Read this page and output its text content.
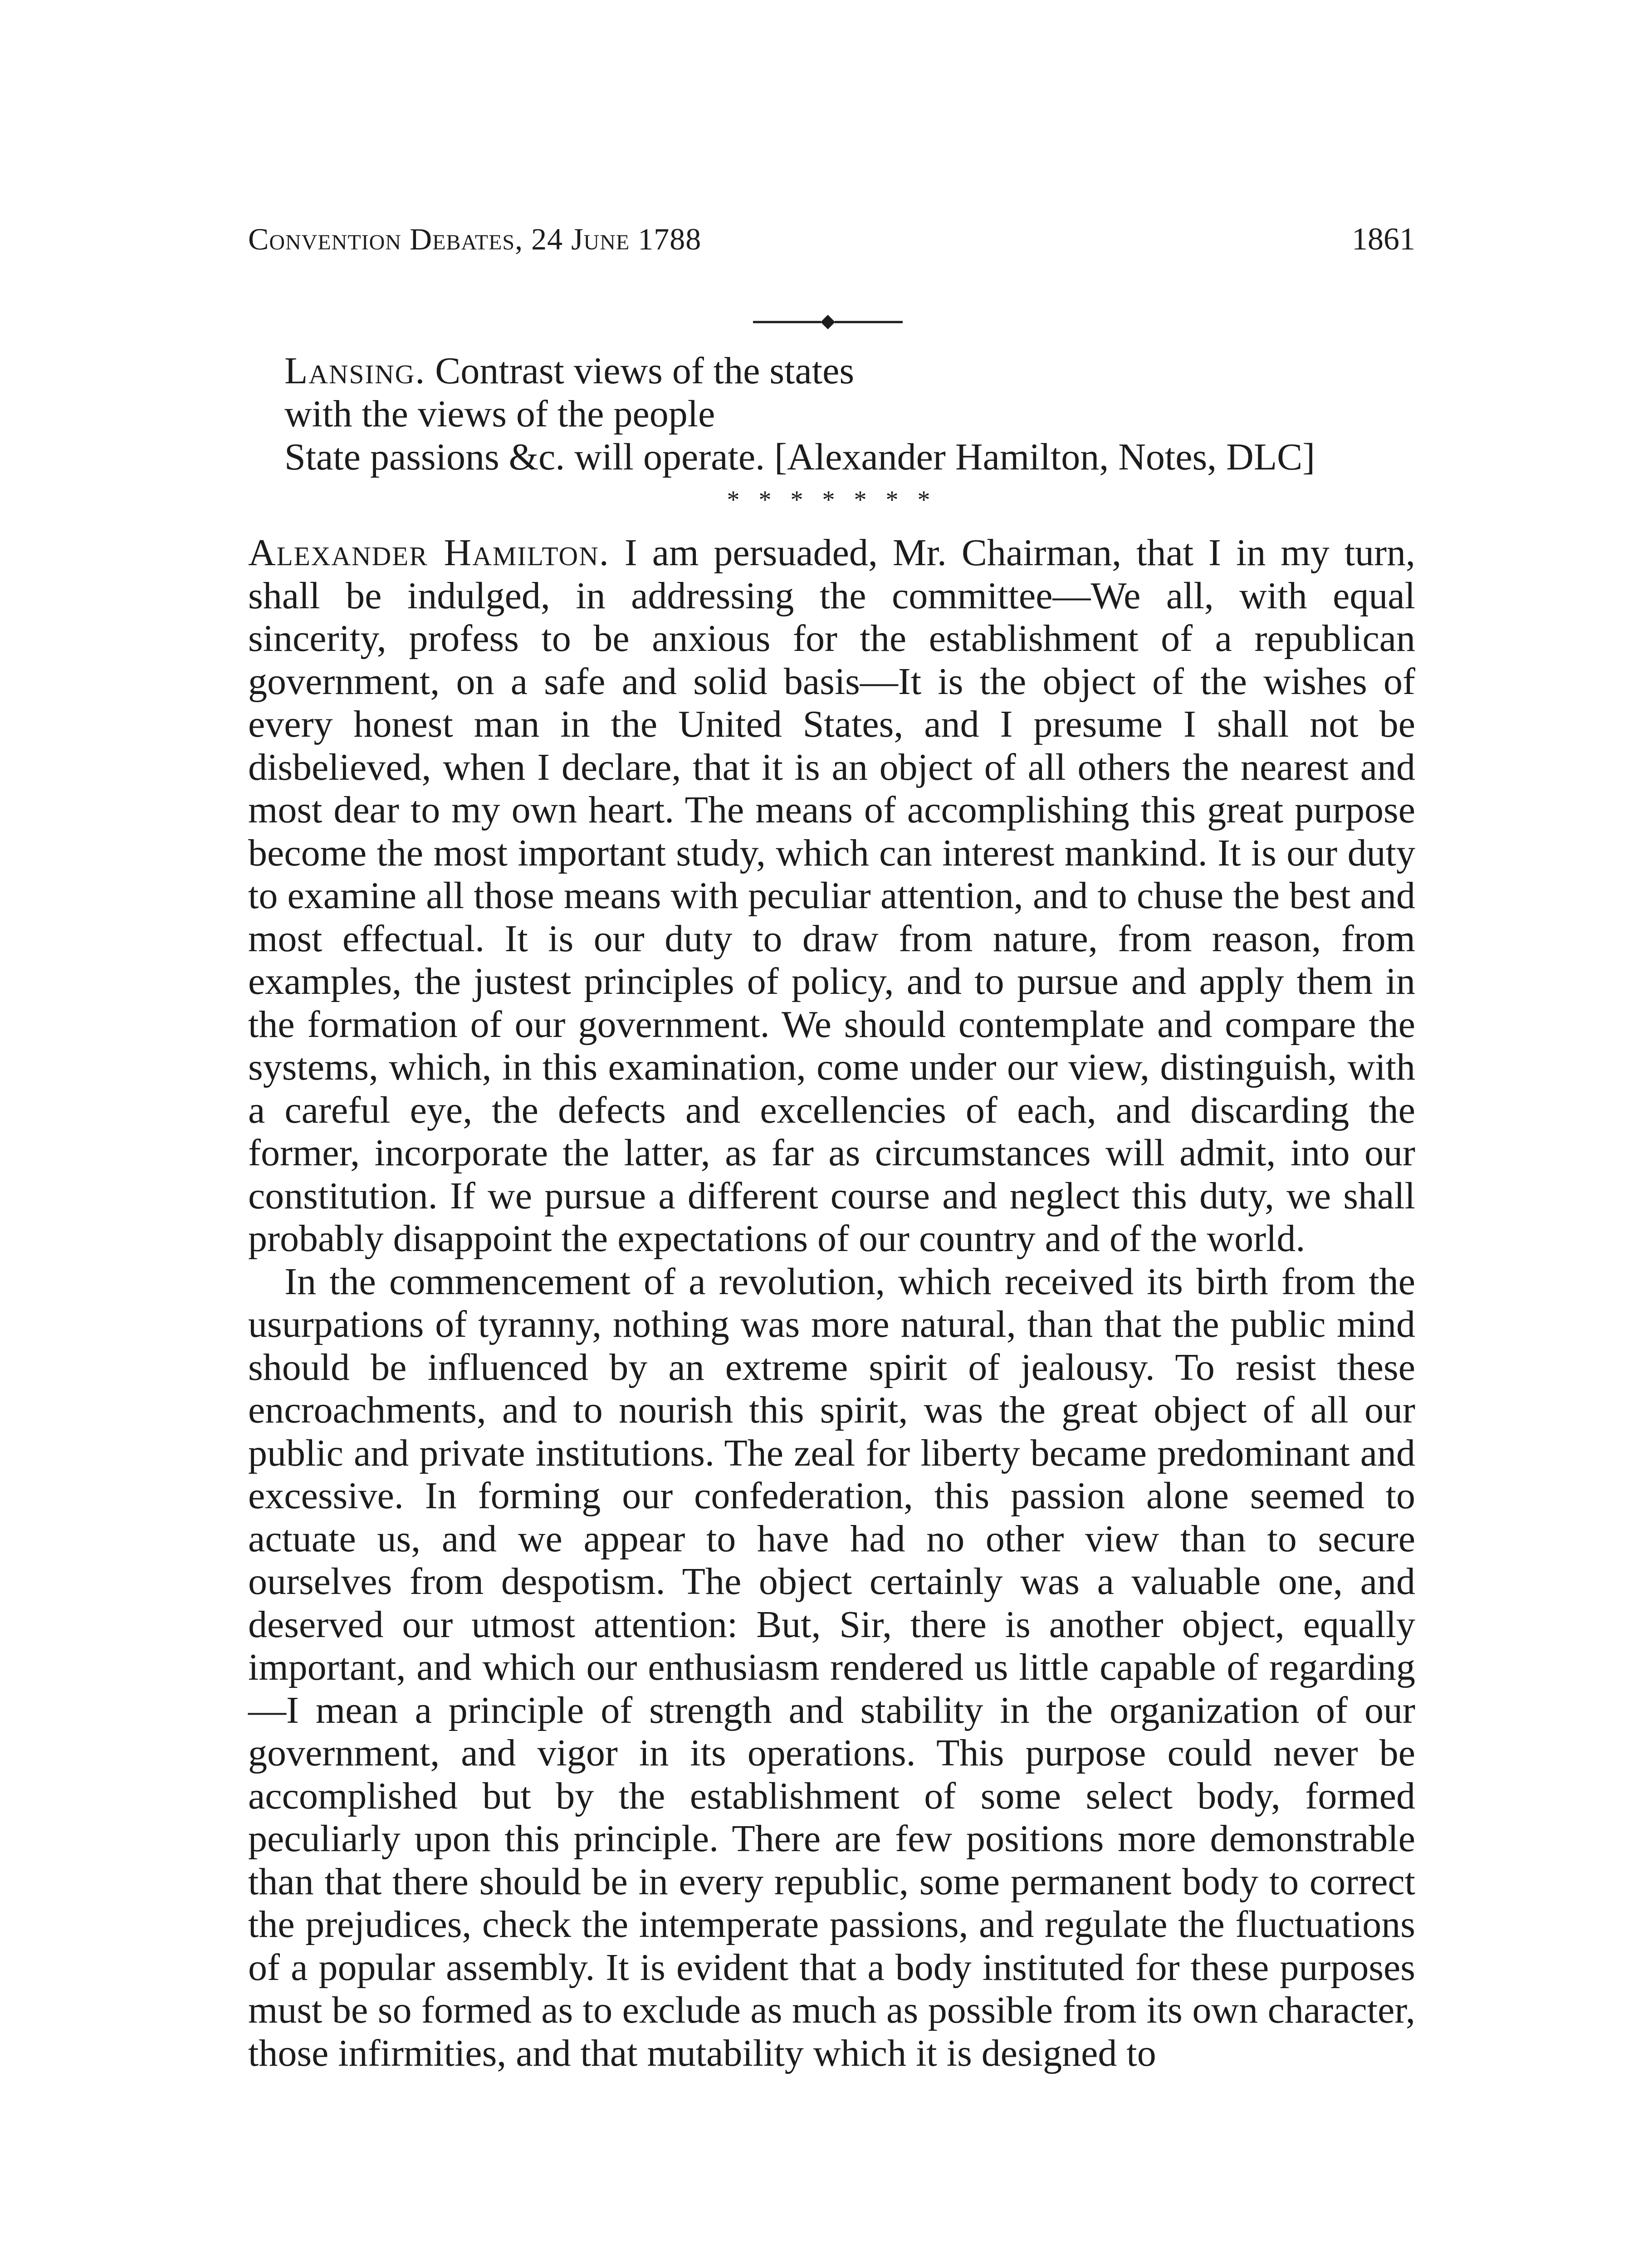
Convention Debates, 24 June 1788	1861
Lansing. Contrast views of the states
with the views of the people
State passions &c. will operate. [Alexander Hamilton, Notes, DLC]
* * * * * * *

Alexander Hamilton. I am persuaded, Mr. Chairman, that I in my turn, shall be indulged, in addressing the committee—We all, with equal sincerity, profess to be anxious for the establishment of a republican government, on a safe and solid basis—It is the object of the wishes of every honest man in the United States, and I presume I shall not be disbelieved, when I declare, that it is an object of all others the nearest and most dear to my own heart. The means of accomplishing this great purpose become the most important study, which can interest mankind. It is our duty to examine all those means with peculiar attention, and to chuse the best and most effectual. It is our duty to draw from nature, from reason, from examples, the justest principles of policy, and to pursue and apply them in the formation of our government. We should contemplate and compare the systems, which, in this examination, come under our view, distinguish, with a careful eye, the defects and excellencies of each, and discarding the former, incorporate the latter, as far as circumstances will admit, into our constitution. If we pursue a different course and neglect this duty, we shall probably disappoint the expectations of our country and of the world.

In the commencement of a revolution, which received its birth from the usurpations of tyranny, nothing was more natural, than that the public mind should be influenced by an extreme spirit of jealousy. To resist these encroachments, and to nourish this spirit, was the great object of all our public and private institutions. The zeal for liberty became predominant and excessive. In forming our confederation, this passion alone seemed to actuate us, and we appear to have had no other view than to secure ourselves from despotism. The object certainly was a valuable one, and deserved our utmost attention: But, Sir, there is another object, equally important, and which our enthusiasm rendered us little capable of regarding—I mean a principle of strength and stability in the organization of our government, and vigor in its operations. This purpose could never be accomplished but by the establishment of some select body, formed peculiarly upon this principle. There are few positions more demonstrable than that there should be in every republic, some permanent body to correct the prejudices, check the intemperate passions, and regulate the fluctuations of a popular assembly. It is evident that a body instituted for these purposes must be so formed as to exclude as much as possible from its own character, those infirmities, and that mutability which it is designed to
